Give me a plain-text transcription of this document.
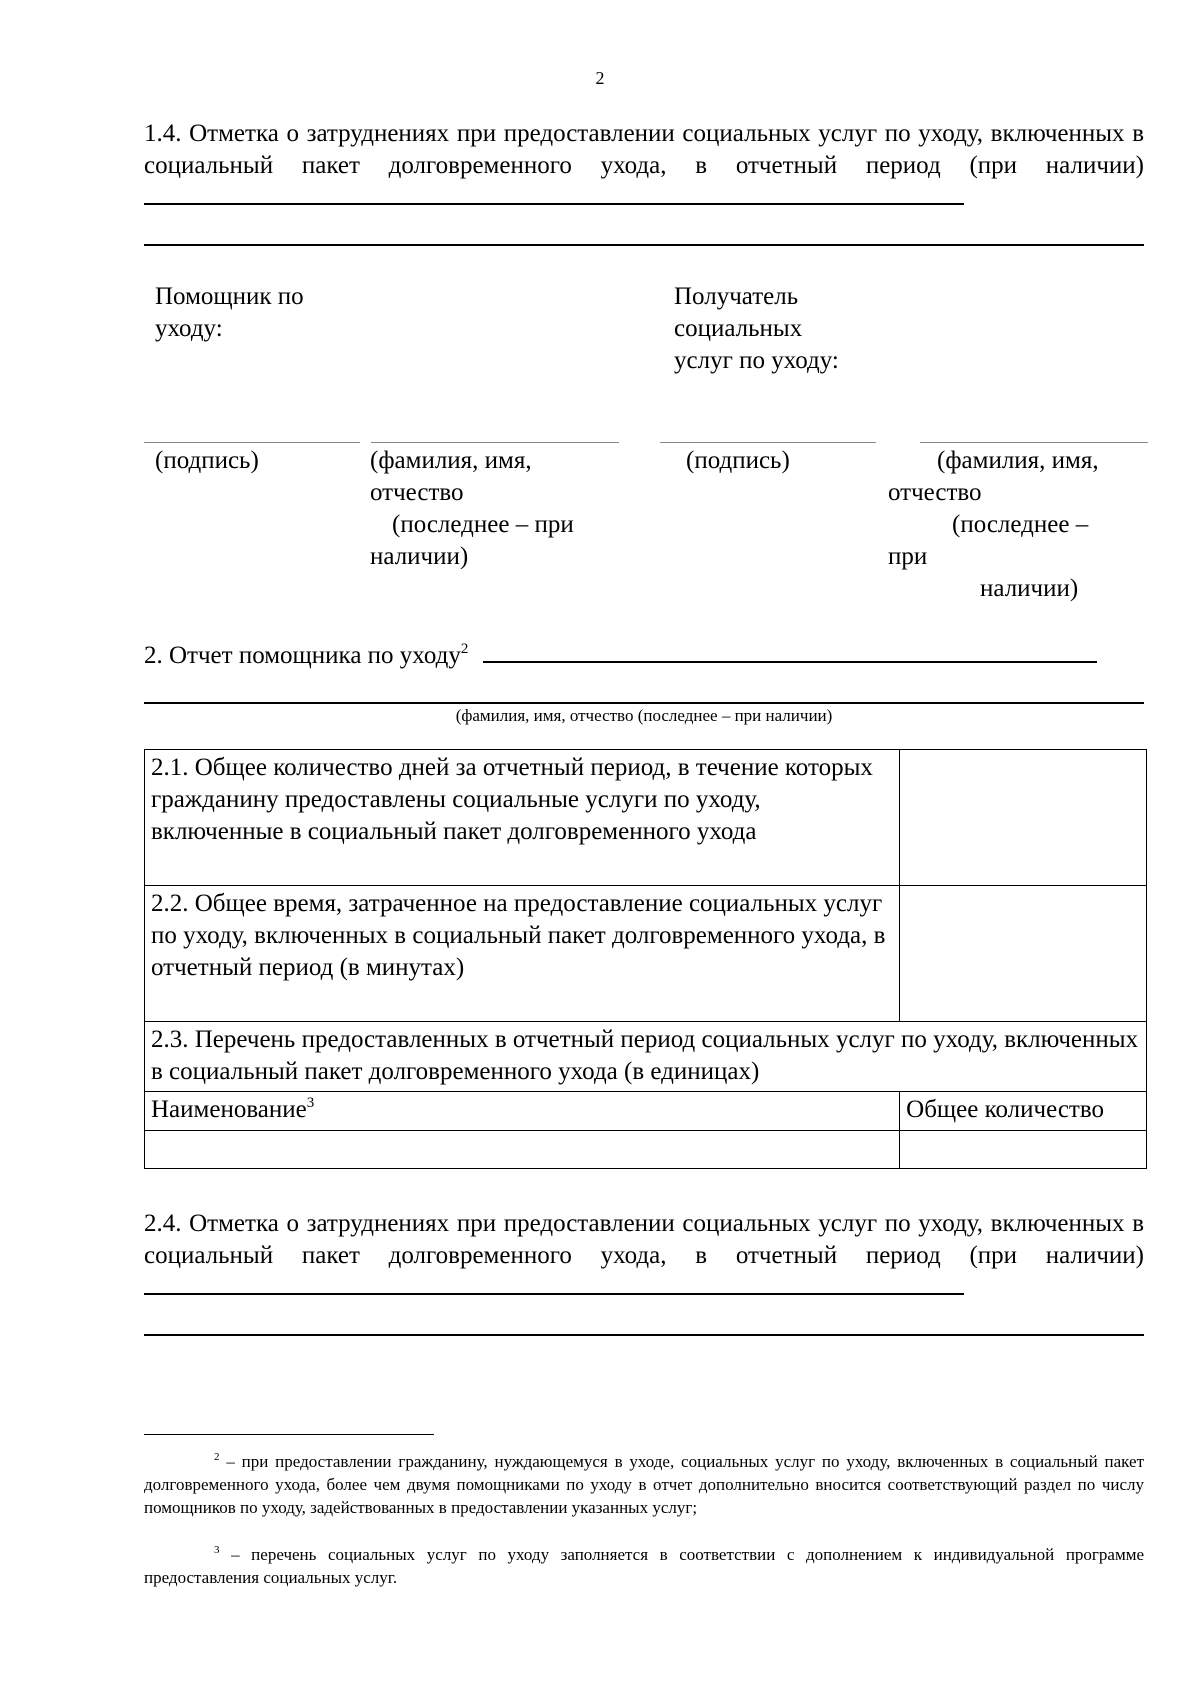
2
1.4. Отметка о затруднениях при предоставлении социальных услуг по уходу, включенных в социальный пакет долговременного ухода, в отчетный период (при наличии)
Помощник по
уходу:
Получатель
социальных
услуг по уходу:
(подпись)	(фамилия, имя,
отчество
(последнее – при
наличии)
(подпись)	(фамилия, имя,
отчество
(последнее –
при
наличии)
2. Отчет помощника по уходу$^2$
(фамилия, имя, отчество (последнее – при наличии)
2.1. Общее количество дней за отчетный период, в течение которых гражданину предоставлены социальные услуги по уходу, включенные в социальный пакет долговременного ухода	
2.2. Общее время, затраченное на предоставление социальных услуг по уходу, включенных в социальный пакет долговременного ухода, в отчетный период (в минутах)	
2.3. Перечень предоставленных в отчетный период социальных услуг по уходу, включенных в социальный пакет долговременного ухода (в единицах)	
Наименование$^3$	Общее количество

2.4. Отметка о затруднениях при предоставлении социальных услуг по уходу, включенных в социальный пакет долговременного ухода, в отчетный период (при наличии)
$^2$ – при предоставлении гражданину, нуждающемуся в уходе, социальных услуг по уходу, включенных в социальный пакет долговременного ухода, более чем двумя помощниками по уходу в отчет дополнительно вносится соответствующий раздел по числу помощников по уходу, задействованных в предоставлении указанных услуг;
$^3$ – перечень социальных услуг по уходу заполняется в соответствии с дополнением к индивидуальной программе предоставления социальных услуг.
